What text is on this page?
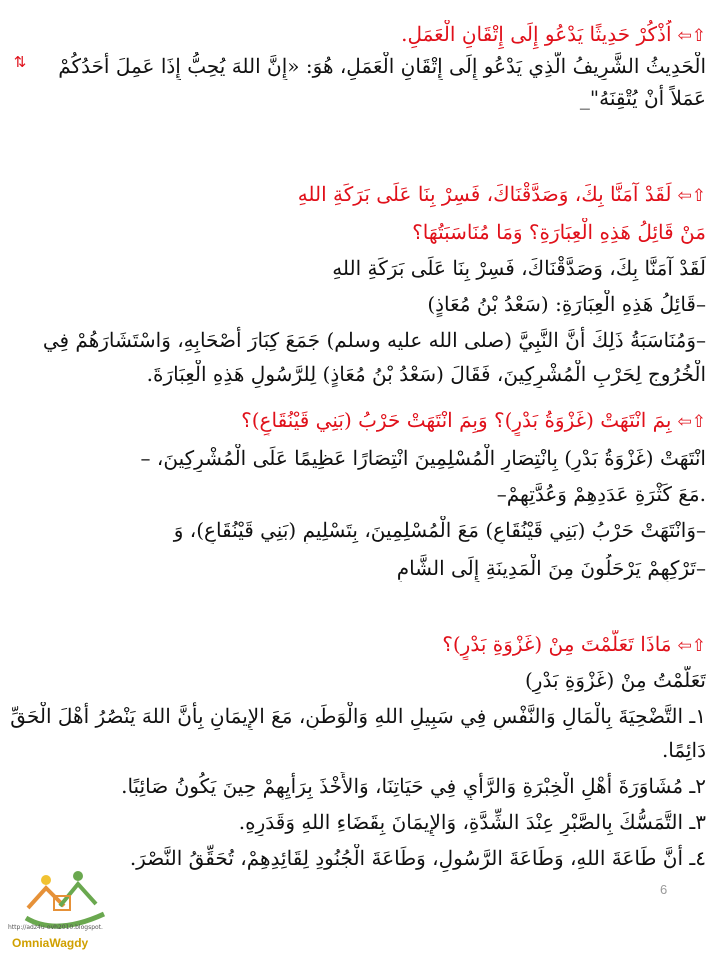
⇧⇦اُذْكُرْ حَدِيثًا يَدْعُو إِلَى إِتْقَانِ الْعَمَلِ.
⇅	الْحَدِيثُ الشَّرِيفُ الَّذِي يَدْعُو إِلَى إِتْقَانِ الْعَمَلِ، هُوَ: «إِنَّ اللهَ يُحِبُّ إِذَا عَمِلَ أَحَدُكُمْ
عَمَلاً أَنْ يُتْقِنَهُ"_
⇧⇦لَقَدْ آمَنَّا بِكَ، وَصَدَّقْنَاكَ، فَسِرْ بِنَا عَلَى بَرَكَةِ اللهِ
مَنْ قَائِلُ هَذِهِ الْعِبَارَةِ؟ وَمَا مُنَاسَبَتُهَا؟
لَقَدْ آمَنَّا بِكَ، وَصَدَّقْنَاكَ، فَسِرْ بِنَا عَلَى بَرَكَةِ اللهِ
–قَائِلُ هَذِهِ الْعِبَارَةِ: (سَعْدُ بْنُ مُعَاذٍ)
–وَمُنَاسَبَةُ ذَلِكَ أَنَّ النَّبِيَّ (صلى الله عليه وسلم) جَمَعَ كِبَارَ أَصْحَابِهِ، وَاسْتَشَارَهُمْ فِي
الْخُرُوجِ لِحَرْبِ الْمُشْرِكِينَ، فَقَالَ (سَعْدُ بْنُ مُعَاذٍ) لِلرَّسُولِ هَذِهِ الْعِبَارَةَ.
⇧⇦بِمَ انْتَهَتْ (غَزْوَةُ بَدْرٍ)؟ وَبِمَ انْتَهَتْ حَرْبُ (بَنِي قَيْنُقَاعٍ)؟
انْتَهَتْ (غَزْوَةُ بَدْرٍ) بِانْتِصَارِ الْمُسْلِمِينَ انْتِصَارًا عَظِيمًا عَلَى الْمُشْرِكِينَ، –
.مَعَ كَثْرَةِ عَدَدِهِمْ وَعُدَّتِهِمْ–
–وَانْتَهَتْ حَرْبُ (بَنِي قَيْنُقَاعٍ) مَعَ الْمُسْلِمِينَ، بِتَسْلِيمِ (بَنِي قَيْنُقَاعٍ)، وَ
–تَرْكِهِمْ يَرْحَلُونَ مِنَ الْمَدِينَةِ إِلَى الشَّامِ
⇧⇦مَاذَا تَعَلَّمْتَ مِنْ (غَزْوَةِ بَدْرٍ)؟
تَعَلَّمْتُ مِنْ (غَزْوَةِ بَدْرٍ)
١ـ التَّضْحِيَةَ بِالْمَالِ وَالنَّفْسِ فِي سَبِيلِ اللهِ وَالْوَطَنِ، مَعَ الإِيمَانِ بِأَنَّ اللهَ يَنْصُرُ أَهْلَ الْحَقِّ
دَائِمًا.
٢ـ مُشَاوَرَةَ أَهْلِ الْخِبْرَةِ وَالرَّأْيِ فِي حَيَاتِنَا، وَالأَخْذَ بِرَأْيِهِمْ حِينَ يَكُونُ صَائِبًا.
٣ـ التَّمَسُّكَ بِالصَّبْرِ عِنْدَ الشِّدَّةِ، وَالإِيمَانَ بِقَضَاءِ اللهِ وَقَدَرِهِ.
٤ـ أَنَّ طَاعَةَ اللهِ، وَطَاعَةَ الرَّسُولِ، وَطَاعَةَ الْجُنُودِ لِقَائِدِهِمْ، تُحَقِّقُ النَّصْرَ.
6
http://adz4u-ovh2010.blogspot.
OmniaWagdy
